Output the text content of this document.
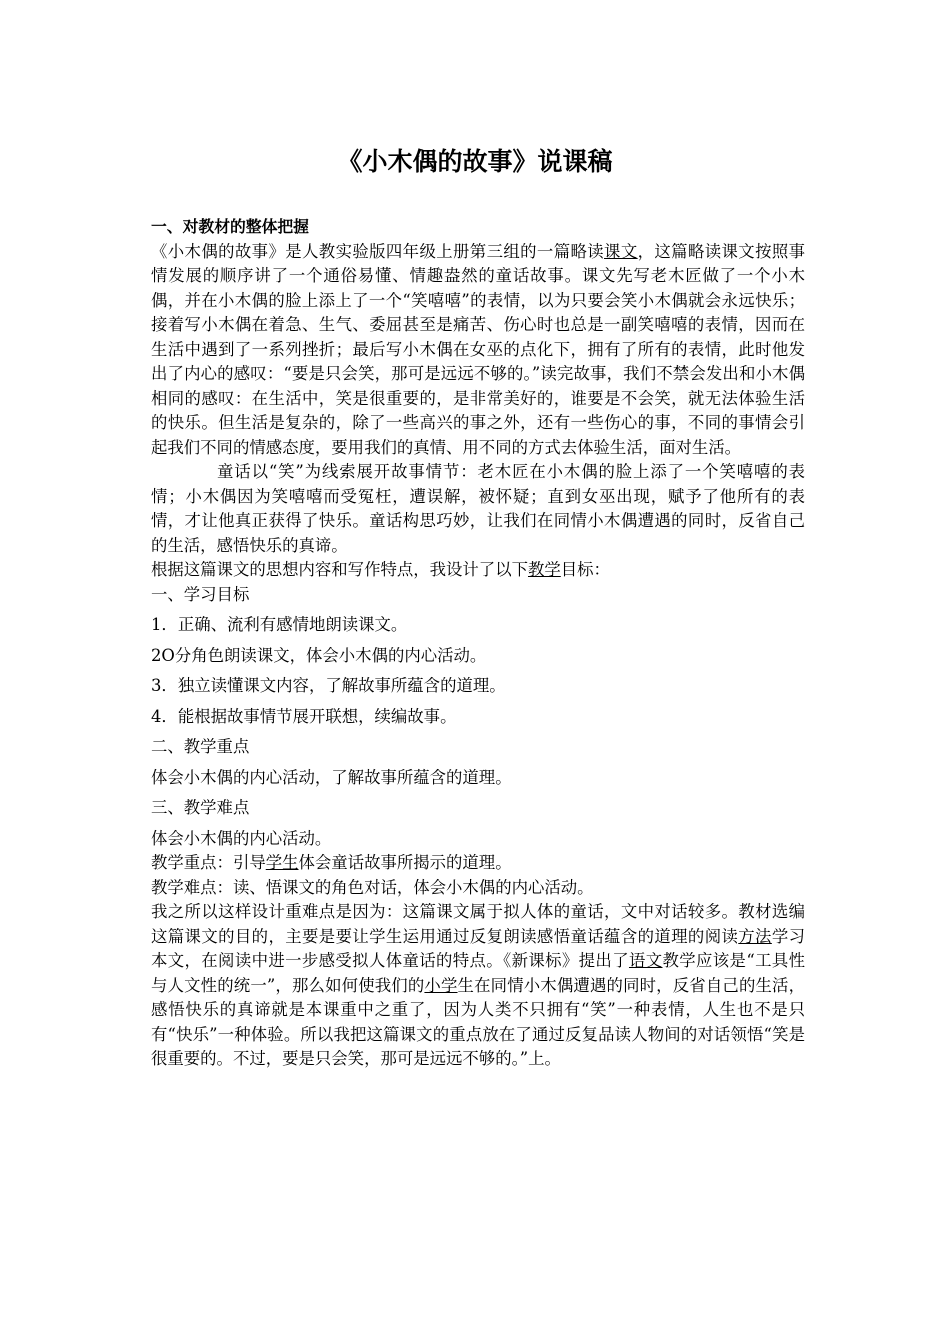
《小木偶的故事》说课稿

一、对教材的整体把握

《小木偶的故事》是人教实验版四年级上册第三组的一篇略读课文，这篇略读课文按照事情发展的顺序讲了一个通俗易懂、情趣盎然的童话故事。课文先写老木匠做了一个小木偶，并在小木偶的脸上添上了一个“笑嘻嘻”的表情，以为只要会笑小木偶就会永远快乐；接着写小木偶在着急、生气、委屈甚至是痛苦、伤心时也总是一副笑嘻嘻的表情，因而在生活中遇到了一系列挫折；最后写小木偶在女巫的点化下，拥有了所有的表情，此时他发出了内心的感叹：“要是只会笑，那可是远远不够的。”读完故事，我们不禁会发出和小木偶相同的感叹：在生活中，笑是很重要的，是非常美好的，谁要是不会笑，就无法体验生活的快乐。但生活是复杂的，除了一些高兴的事之外，还有一些伤心的事，不同的事情会引起我们不同的情感态度，要用我们的真情、用不同的方式去体验生活，面对生活。

童话以“笑”为线索展开故事情节：老木匠在小木偶的脸上添了一个笑嘻嘻的表情；小木偶因为笑嘻嘻而受冤枉，遭误解，被怀疑；直到女巫出现，赋予了他所有的表情，才让他真正获得了快乐。童话构思巧妙，让我们在同情小木偶遭遇的同时，反省自己的生活，感悟快乐的真谛。

根据这篇课文的思想内容和写作特点，我设计了以下教学目标：

一、学习目标

1．正确、流利有感情地朗读课文。

2O分角色朗读课文，体会小木偶的内心活动。

3．独立读懂课文内容，了解故事所蕴含的道理。

4．能根据故事情节展开联想，续编故事。

二、教学重点

体会小木偶的内心活动，了解故事所蕴含的道理。

三、教学难点

体会小木偶的内心活动。

教学重点：引导学生体会童话故事所揭示的道理。

教学难点：读、悟课文的角色对话，体会小木偶的内心活动。

我之所以这样设计重难点是因为：这篇课文属于拟人体的童话，文中对话较多。教材选编这篇课文的目的，主要是要让学生运用通过反复朗读感悟童话蕴含的道理的阅读方法学习本文，在阅读中进一步感受拟人体童话的特点。《新课标》提出了语文教学应该是“工具性与人文性的统一”，那么如何使我们的小学生在同情小木偶遭遇的同时，反省自己的生活，感悟快乐的真谛就是本课重中之重了，因为人类不只拥有“笑”一种表情，人生也不是只有“快乐”一种体验。所以我把这篇课文的重点放在了通过反复品读人物间的对话领悟“笑是很重要的。不过，要是只会笑，那可是远远不够的。”上。
